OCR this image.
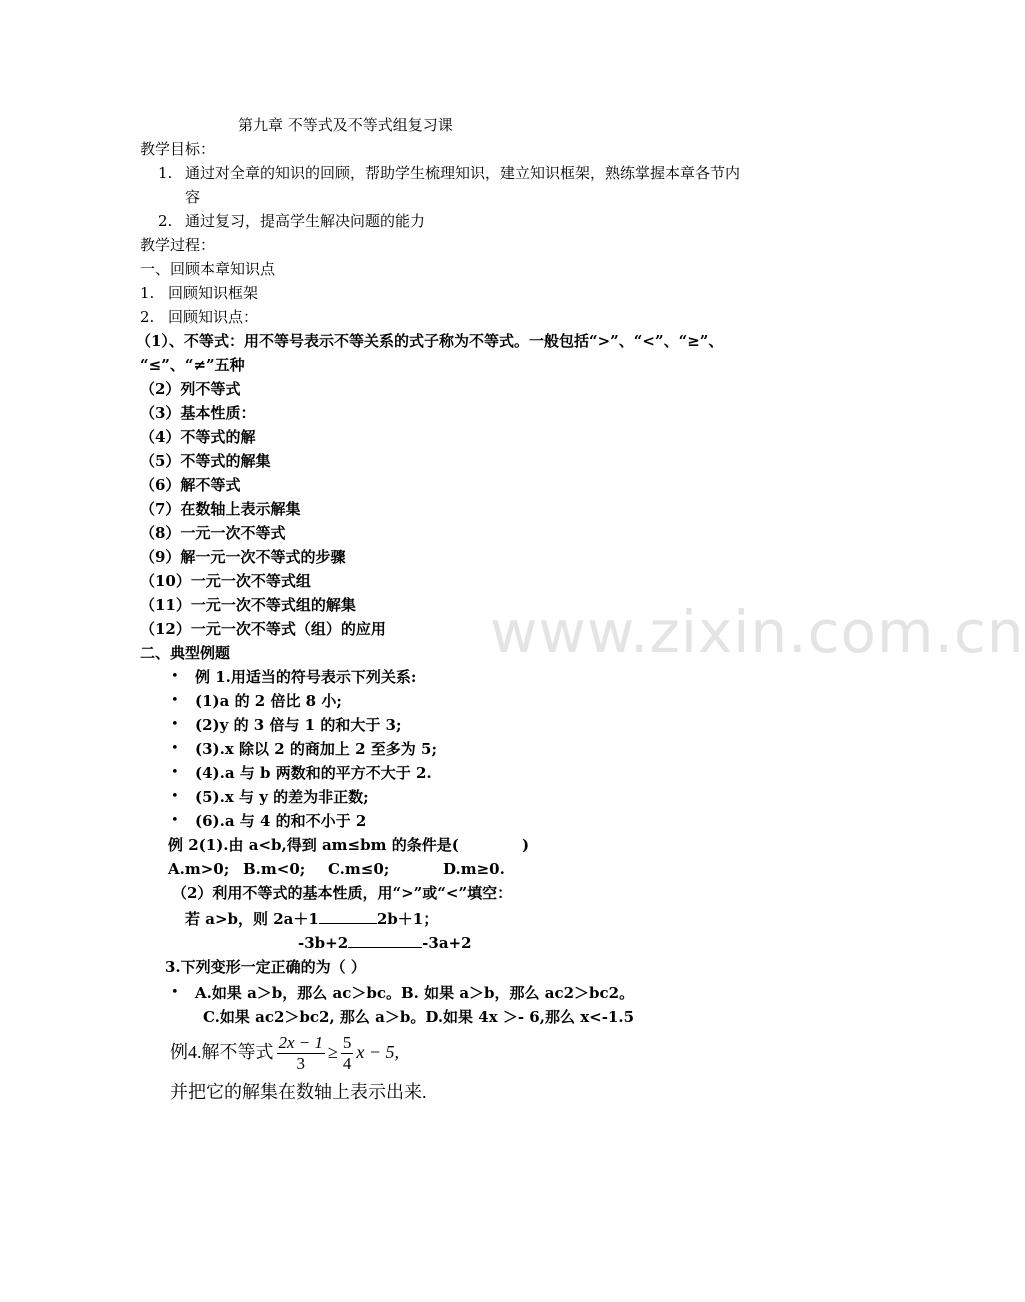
www.zixin.com.cn
第九章 不等式及不等式组复习课
教学目标：
1. 通过对全章的知识的回顾，帮助学生梳理知识，建立知识框架，熟练掌握本章各节内
容
2. 通过复习，提高学生解决问题的能力
教学过程：
一、回顾本章知识点
1. 回顾知识框架
2. 回顾知识点：
（1）、不等式：用不等号表示不等关系的式子称为不等式。一般包括“>”、“<”、“≥”、
“≤”、“≠”五种
（2）列不等式
（3）基本性质：
（4）不等式的解
（5）不等式的解集
（6）解不等式
（7）在数轴上表示解集
（8）一元一次不等式
（9）解一元一次不等式的步骤
（10）一元一次不等式组
（11）一元一次不等式组的解集
（12）一元一次不等式（组）的应用
二、典型例题
• 例 1.用适当的符号表示下列关系:
• (1)a 的 2 倍比 8 小;
• (2)y 的 3 倍与 1 的和大于 3;
• (3).x 除以 2 的商加上 2 至多为 5;
• (4).a 与 b 两数和的平方不大于 2.
• (5).x 与 y 的差为非正数;
• (6).a 与 4 的和不小于 2
例 2(1).由 a<b,得到 am≤bm 的条件是(	)
A.m>0; B.m<0; C.m≤0;	D.m≥0.
（2）利用不等式的基本性质，用“>”或“<”填空：
若 a>b，则 2a＋1	2b＋1；
-3b+2	-3a+2
3.下列变形一定正确的为（ ）
• A.如果 a＞b，那么 ac＞bc。B. 如果 a＞b，那么 ac2＞bc2。
C.如果 ac2＞bc2, 那么 a＞b。D.如果 4x ＞- 6,那么 x<-1.5
例4.解不等式 $\frac{2x - 1}{3} \ge \frac{5}{4}$ x − 5,
并把它的解集在数轴上表示出来.
